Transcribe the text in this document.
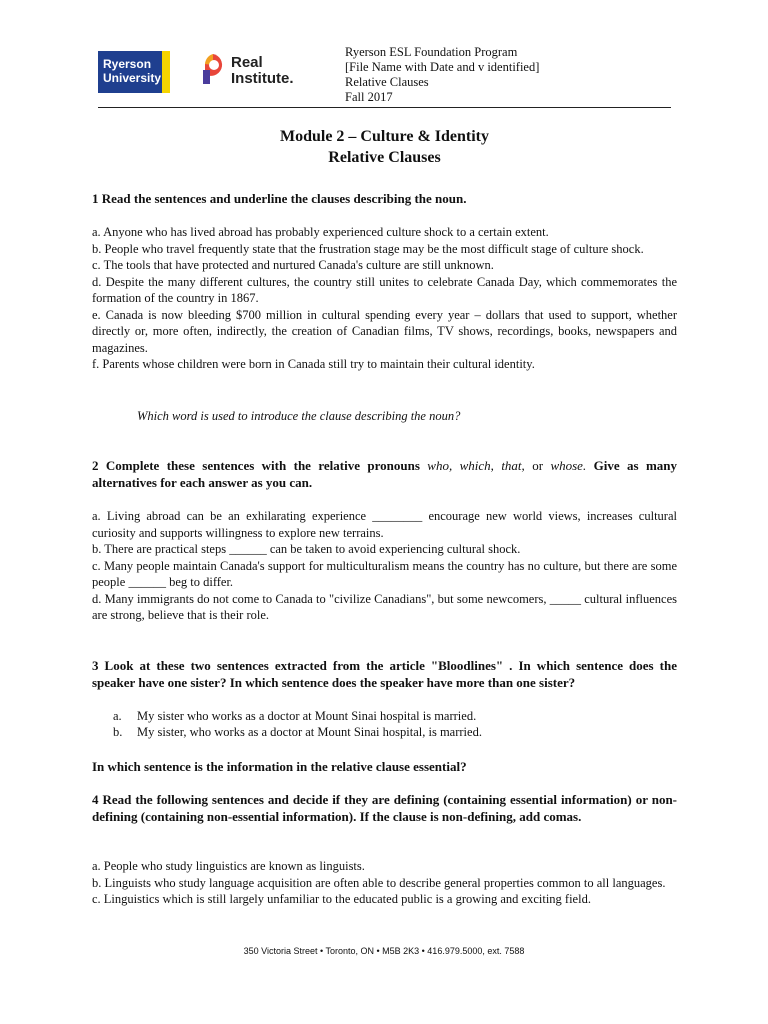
Ryerson
University
Real
Institute.
Ryerson ESL Foundation Program
[File Name with Date and v identified]
Relative Clauses
Fall 2017
Module 2 – Culture & Identity
Relative Clauses
1 Read the sentences and underline the clauses describing the noun.
a. Anyone who has lived abroad has probably experienced culture shock to a certain extent.
b. People who travel frequently state that the frustration stage may be the most difficult stage of culture shock.
c. The tools that have protected and nurtured Canada's culture are still unknown.
d. Despite the many different cultures, the country still unites to celebrate Canada Day, which commemorates the formation of the country in 1867.
e. Canada is now bleeding $700 million in cultural spending every year – dollars that used to support, whether directly or, more often, indirectly, the creation of Canadian films, TV shows, recordings, books, newspapers and magazines.
f. Parents whose children were born in Canada still try to maintain their cultural identity.
Which word is used to introduce the clause describing the noun?
2 Complete these sentences with the relative pronouns who, which, that, or whose. Give as many alternatives for each answer as you can.
a. Living abroad can be an exhilarating experience ________ encourage new world views, increases cultural curiosity and supports willingness to explore new terrains.
b. There are practical steps ______ can be taken to avoid experiencing cultural shock.
c. Many people maintain Canada's support for multiculturalism means the country has no culture, but there are some people ______ beg to differ.
d. Many immigrants do not come to Canada to "civilize Canadians", but some newcomers, _____ cultural influences are strong, believe that is their role.
3 Look at these two sentences extracted from the article "Bloodlines" . In which sentence does the speaker have one sister? In which sentence does the speaker have more than one sister?
a.	My sister who works as a doctor at Mount Sinai hospital is married.
b.	My sister, who works as a doctor at Mount Sinai hospital, is married.
In which sentence is the information in the relative clause essential?
4 Read the following sentences and decide if they are defining (containing essential information) or non-defining (containing non-essential information). If the clause is non-defining, add comas.
a. People who study linguistics are known as linguists.
b. Linguists who study language acquisition are often able to describe general properties common to all languages.
c. Linguistics which is still largely unfamiliar to the educated public is a growing and exciting field.
350 Victoria Street • Toronto, ON • M5B 2K3 • 416.979.5000, ext. 7588
